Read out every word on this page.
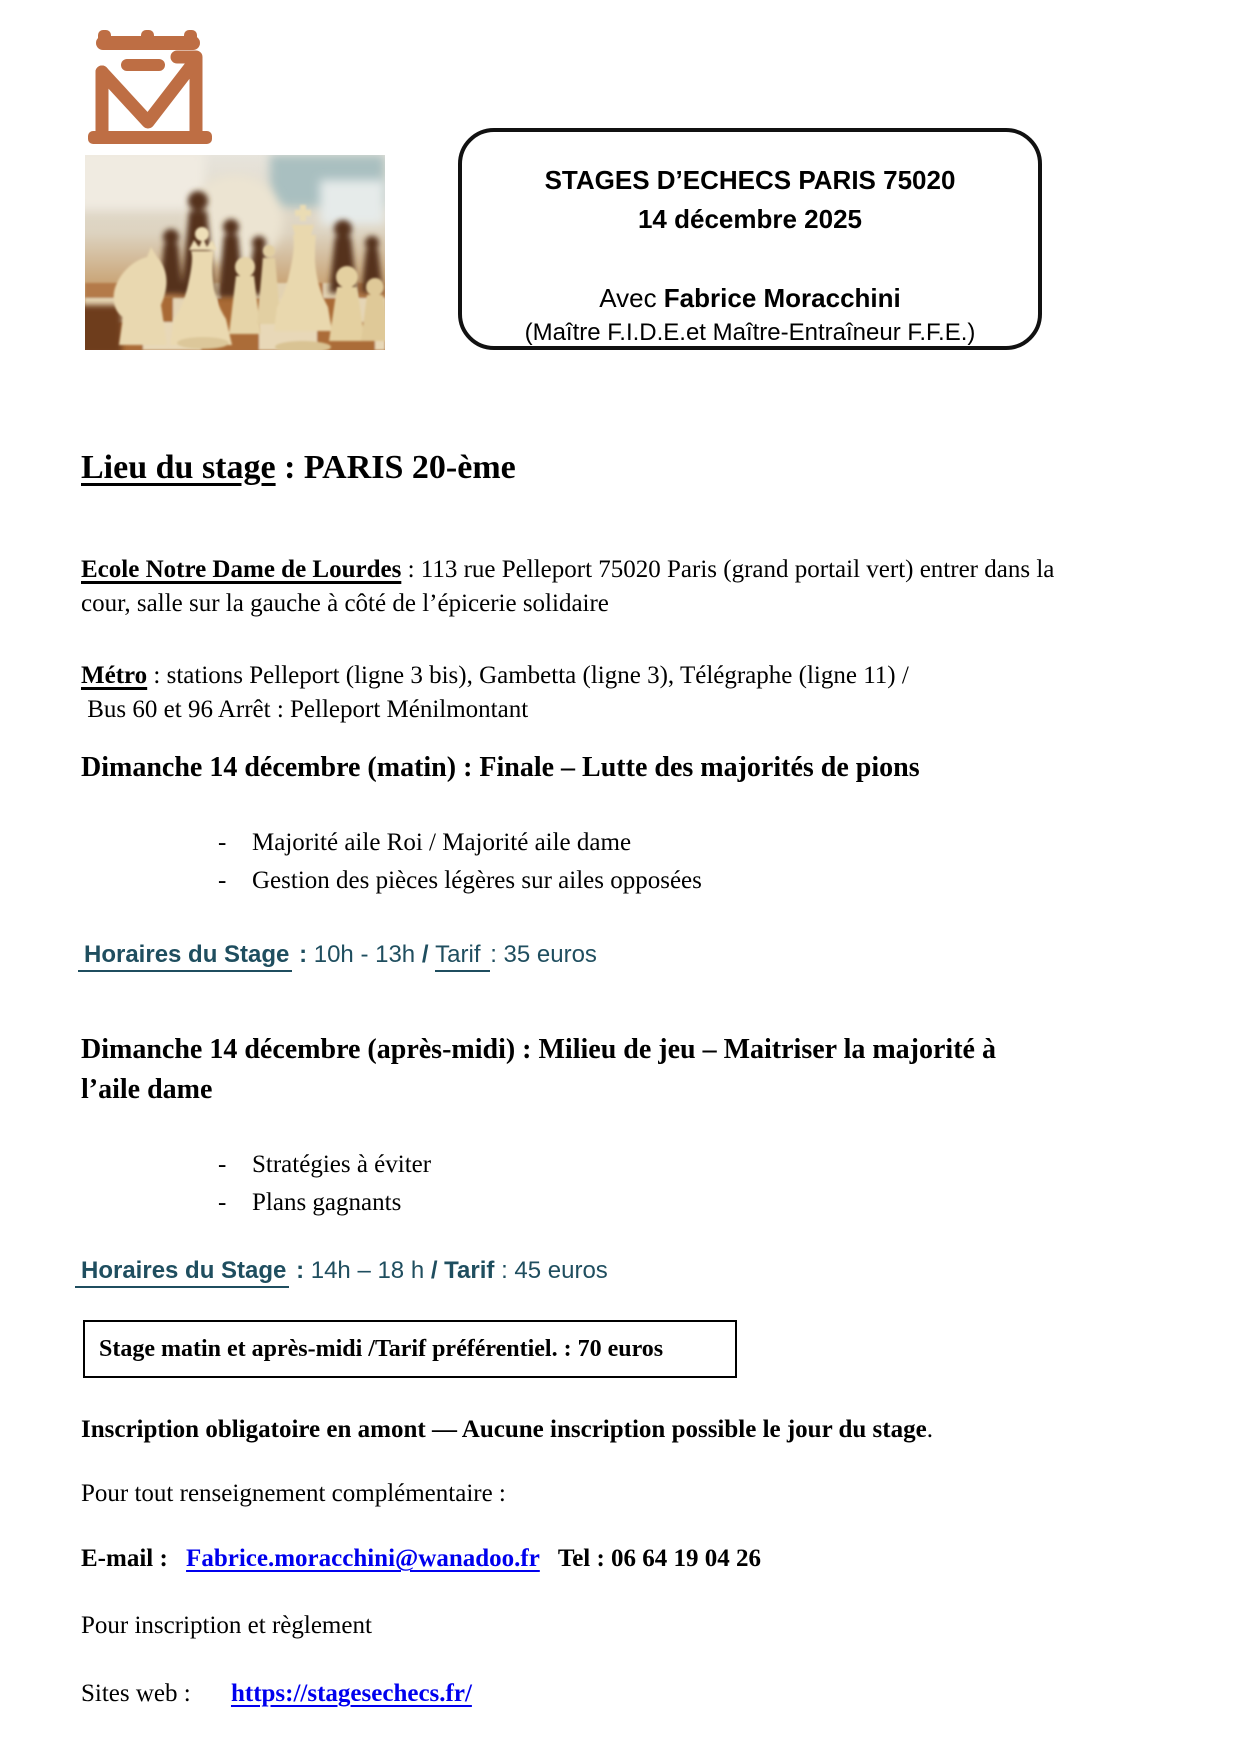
STAGES D’ECHECS PARIS 75020
14 décembre 2025
Avec Fabrice Moracchini
(Maître F.I.D.E.et Maître-Entraîneur F.F.E.)
Lieu du stage : PARIS 20-ème

Ecole Notre Dame de Lourdes : 113 rue Pelleport 75020 Paris (grand portail vert) entrer dans la cour, salle sur la gauche à côté de l’épicerie solidaire

Métro : stations Pelleport (ligne 3 bis), Gambetta (ligne 3), Télégraphe (ligne 11) /
Bus 60 et 96 Arrêt : Pelleport Ménilmontant

Dimanche 14 décembre (matin) : Finale – Lutte des majorités de pions
-	Majorité aile Roi / Majorité aile dame
-	Gestion des pièces légères sur ailes opposées
Horaires du Stage : 10h - 13h / Tarif : 35 euros
Dimanche 14 décembre (après-midi) : Milieu de jeu – Maitriser la majorité à l’aile dame
-	Stratégies à éviter
-	Plans gagnants
Horaires du Stage : 14h – 18 h / Tarif : 45 euros
Stage matin et après-midi /Tarif préférentiel. : 70 euros
Inscription obligatoire en amont — Aucune inscription possible le jour du stage.
Pour tout renseignement complémentaire :
E-mail : Fabrice.moracchini@wanadoo.fr Tel : 06 64 19 04 26
Pour inscription et règlement
Sites web : https://stagesechecs.fr/
